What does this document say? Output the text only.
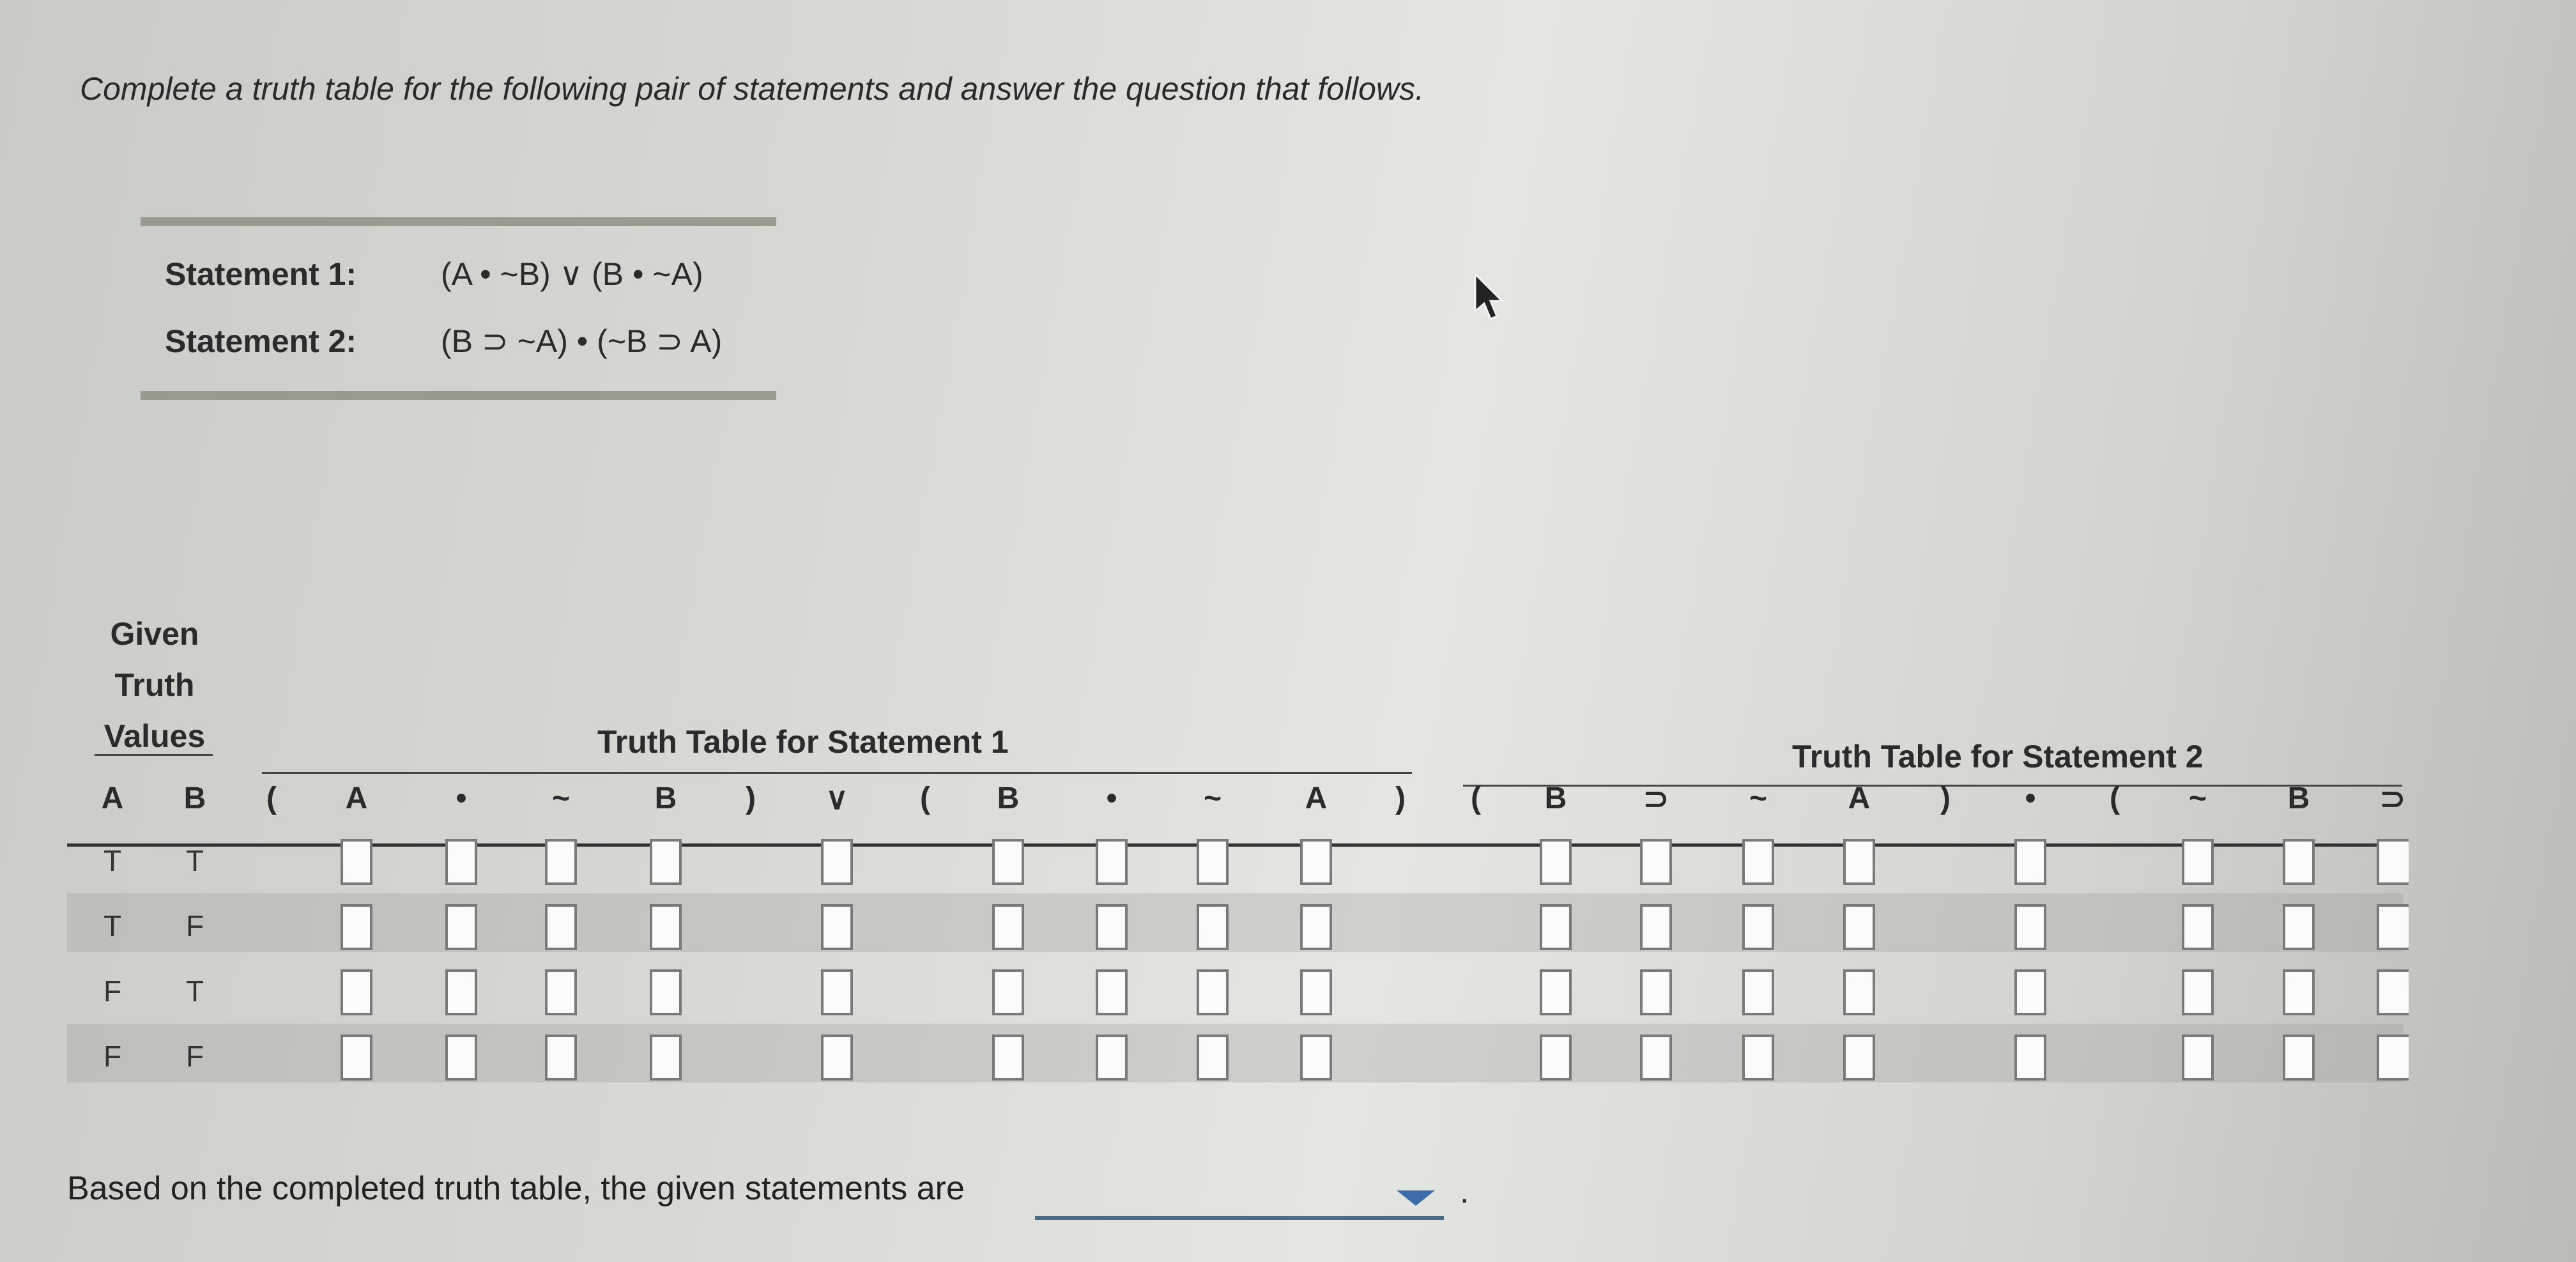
Complete a truth table for the following pair of statements and answer the question that follows.
Statement 1:	(A • ~B) ∨ (B • ~A)
Statement 2:	(B ⊃ ~A) • (~B ⊃ A)
Given
Truth
Values	Truth Table for Statement 1	Truth Table for Statement 2
A	B	(	A	•	~	B	)	∨	(	B	•	~	A	)	(	B	⊃	~	A	)	•	(	~	B	⊃
T	T
T	F
F	T
F	F
Based on the completed truth table, the given statements are	.
